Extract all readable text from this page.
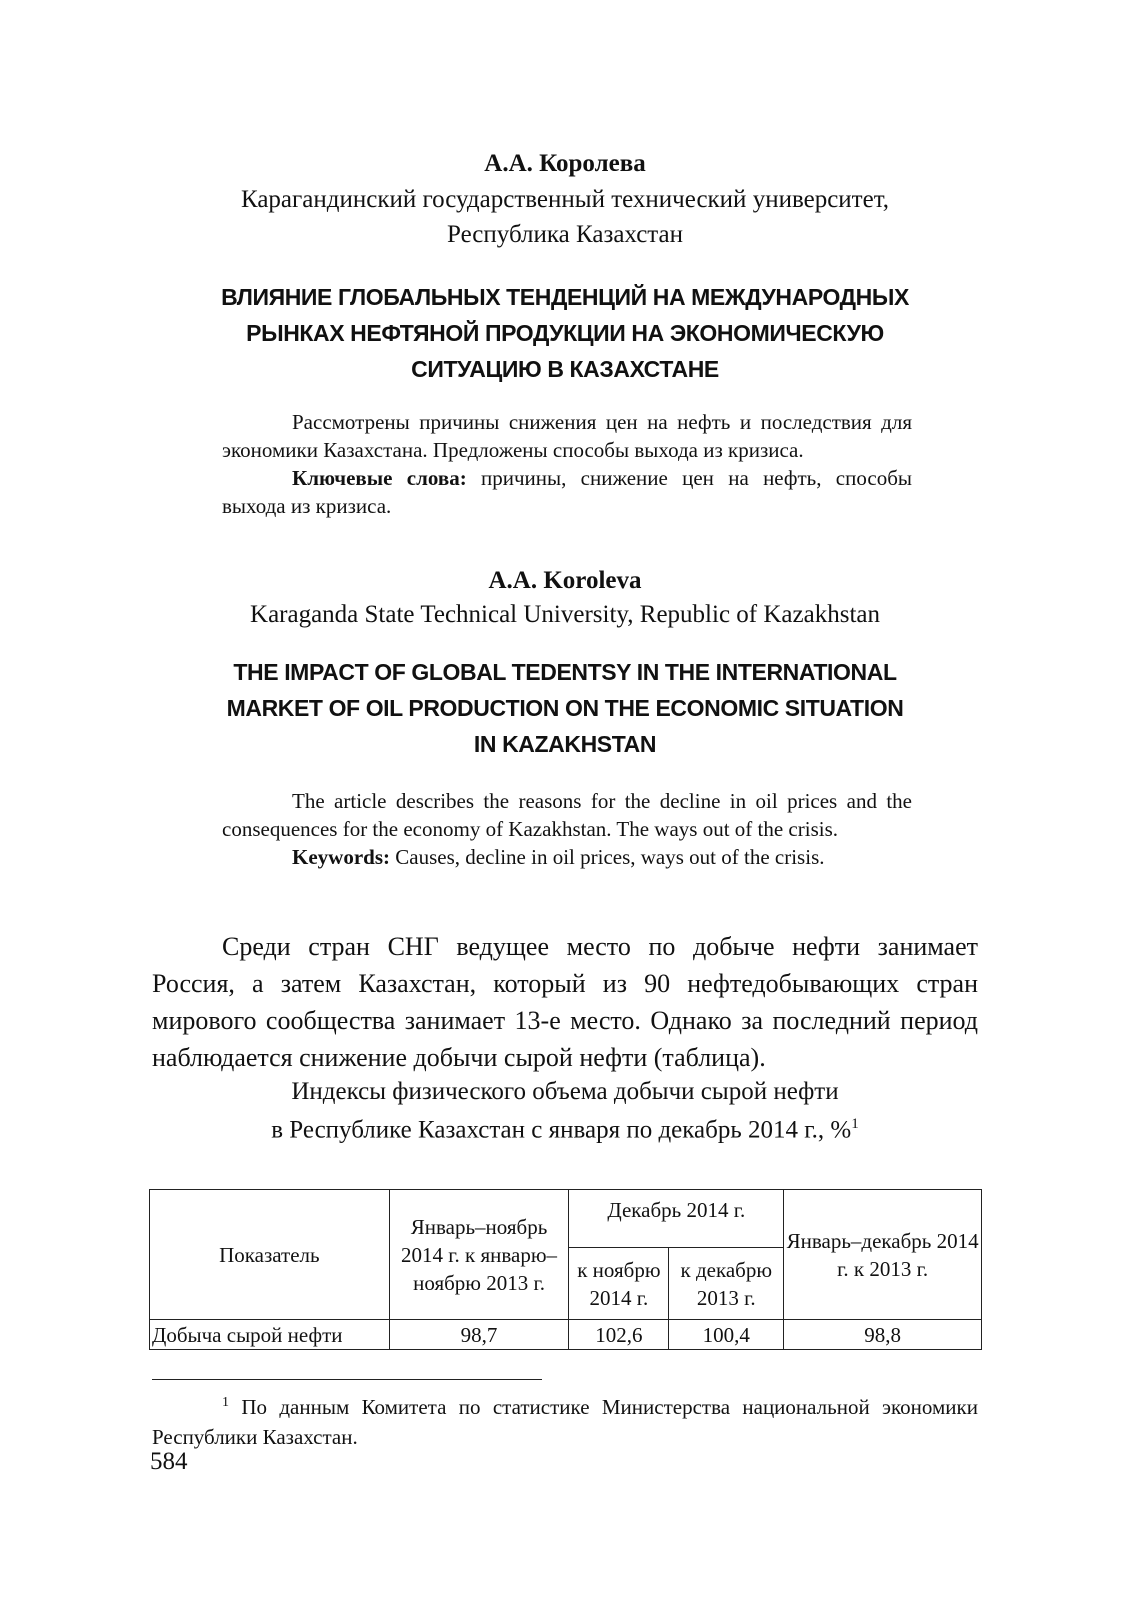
А.А. Королева
Карагандинский государственный технический университет,
Республика Казахстан
ВЛИЯНИЕ ГЛОБАЛЬНЫХ ТЕНДЕНЦИЙ НА МЕЖДУНАРОДНЫХ
РЫНКАХ НЕФТЯНОЙ ПРОДУКЦИИ НА ЭКОНОМИЧЕСКУЮ
СИТУАЦИЮ В КАЗАХСТАНЕ

Рассмотрены причины снижения цен на нефть и последствия для экономики Казахстана. Предложены способы выхода из кризиса.

Ключевые слова: причины, снижение цен на нефть, способы выхода из кризиса.

A.A. Koroleva
Karaganda State Technical University, Republic of Kazakhstan
THE IMPACT OF GLOBAL TEDENTSY IN THE INTERNATIONAL
MARKET OF OIL PRODUCTION ON THE ECONOMIC SITUATION
IN KAZAKHSTAN

The article describes the reasons for the decline in oil prices and the consequences for the economy of Kazakhstan. The ways out of the crisis.

Keywords: Causes, decline in oil prices, ways out of the crisis.

Среди стран СНГ ведущее место по добыче нефти занимает Россия, а затем Казахстан, который из 90 нефтедобывающих стран мирового сообщества занимает 13-е место. Однако за последний период наблюдается снижение добычи сырой нефти (таблица).

Индексы физического объема добычи сырой нефти
в Республике Казахстан с января по декабрь 2014 г., %$^1$
Показатель	Январь–ноябрь 2014 г. к январю–ноябрю 2013 г.	Декабрь 2014 г.		Январь–декабрь 2014 г. к 2013 г.
		к ноябрю 2014 г.	к декабрю 2013 г.	
Добыча сырой нефти	98,7	102,6	100,4	98,8

$^1$ По данным Комитета по статистике Министерства национальной экономики Республики Казахстан.

584
